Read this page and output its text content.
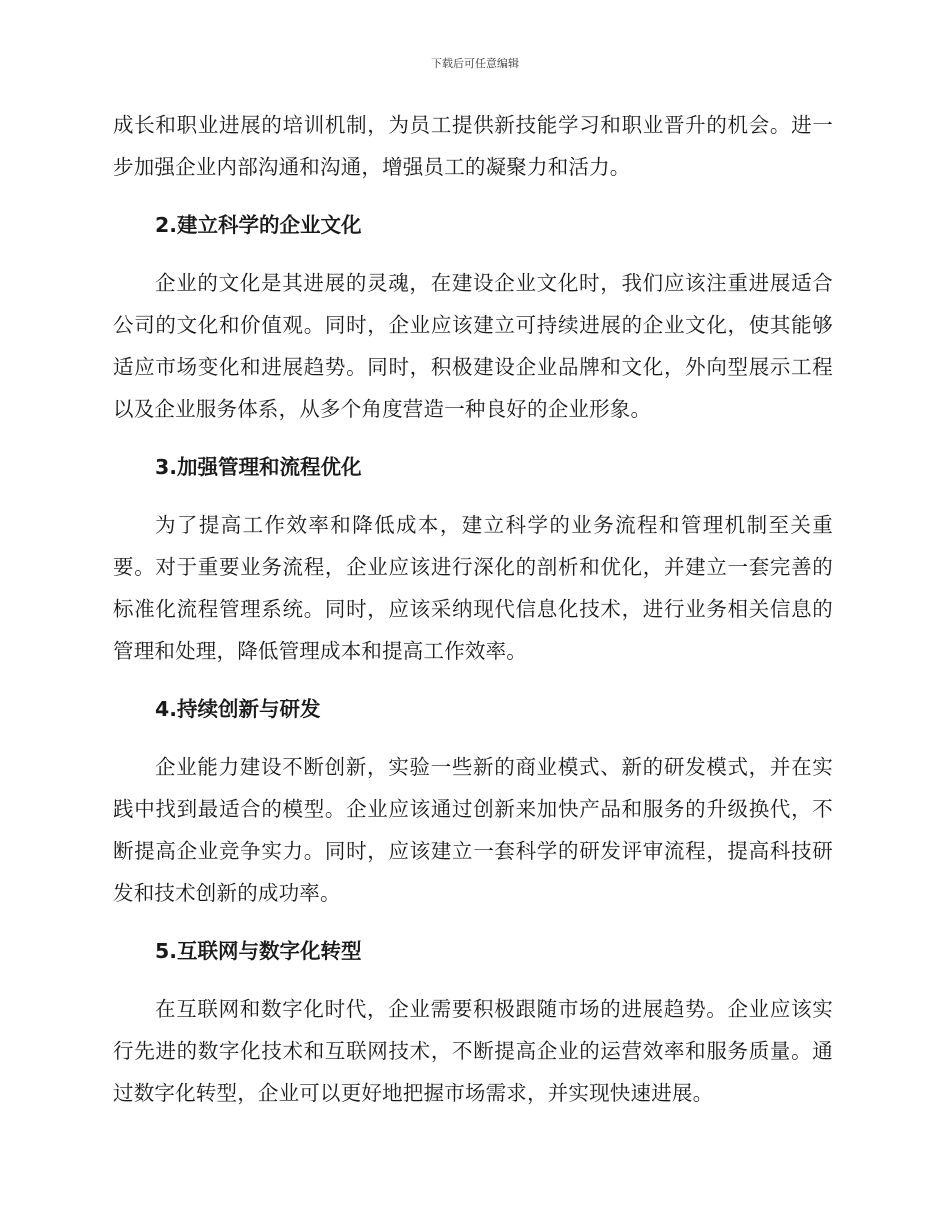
下载后可任意编辑

成长和职业进展的培训机制，为员工提供新技能学习和职业晋升的机会。进一步加强企业内部沟通和沟通，增强员工的凝聚力和活力。

2.建立科学的企业文化

企业的文化是其进展的灵魂，在建设企业文化时，我们应该注重进展适合公司的文化和价值观。同时，企业应该建立可持续进展的企业文化，使其能够适应市场变化和进展趋势。同时，积极建设企业品牌和文化，外向型展示工程以及企业服务体系，从多个角度营造一种良好的企业形象。

3.加强管理和流程优化

为了提高工作效率和降低成本，建立科学的业务流程和管理机制至关重要。对于重要业务流程，企业应该进行深化的剖析和优化，并建立一套完善的标准化流程管理系统。同时，应该采纳现代信息化技术，进行业务相关信息的管理和处理，降低管理成本和提高工作效率。

4.持续创新与研发

企业能力建设不断创新，实验一些新的商业模式、新的研发模式，并在实践中找到最适合的模型。企业应该通过创新来加快产品和服务的升级换代，不断提高企业竞争实力。同时，应该建立一套科学的研发评审流程，提高科技研发和技术创新的成功率。

5.互联网与数字化转型

在互联网和数字化时代，企业需要积极跟随市场的进展趋势。企业应该实行先进的数字化技术和互联网技术，不断提高企业的运营效率和服务质量。通过数字化转型，企业可以更好地把握市场需求，并实现快速进展。
